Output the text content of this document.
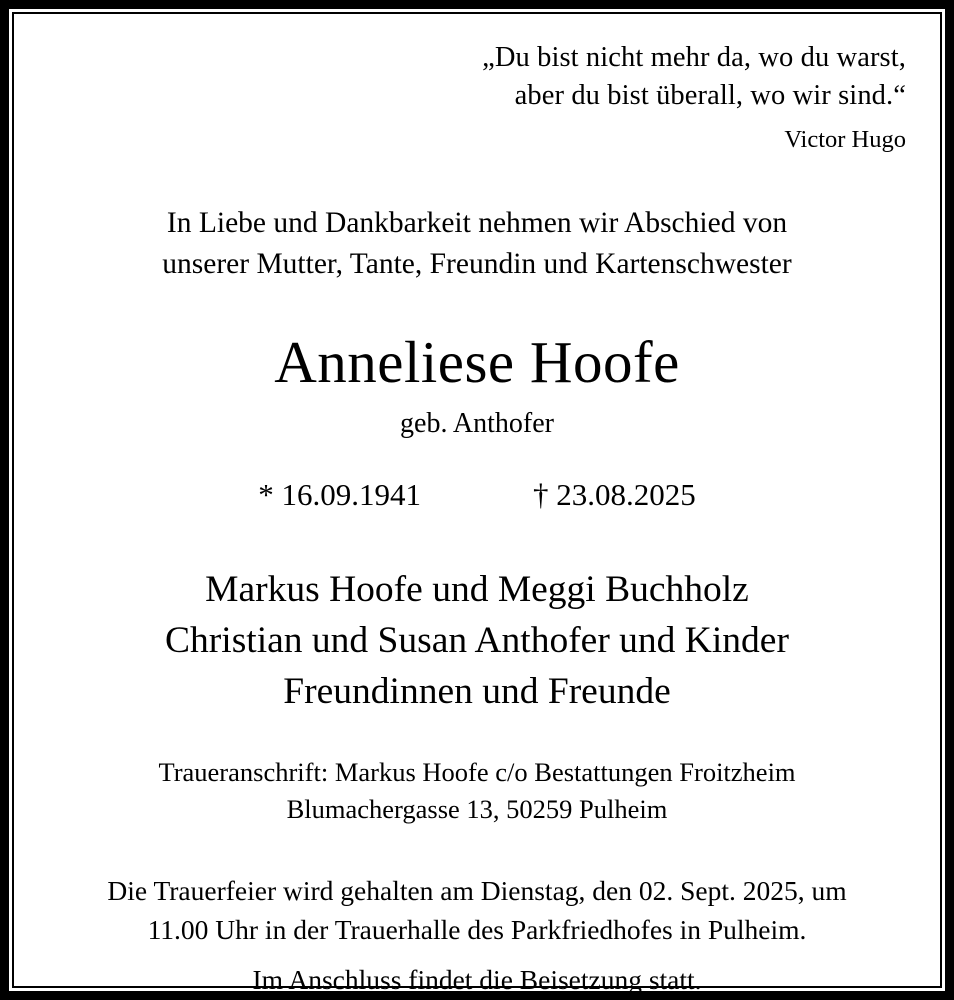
„Du bist nicht mehr da, wo du warst,
aber du bist überall, wo wir sind.“
Victor Hugo
In Liebe und Dankbarkeit nehmen wir Abschied von
unserer Mutter, Tante, Freundin und Kartenschwester
Anneliese Hoofe
geb. Anthofer
* 16.09.1941	† 23.08.2025
Markus Hoofe und Meggi Buchholz
Christian und Susan Anthofer und Kinder
Freundinnen und Freunde
Traueranschrift: Markus Hoofe c/o Bestattungen Froitzheim
Blumachergasse 13, 50259 Pulheim
Die Trauerfeier wird gehalten am Dienstag, den 02. Sept. 2025, um
11.00 Uhr in der Trauerhalle des Parkfriedhofes in Pulheim.
Im Anschluss findet die Beisetzung statt.
